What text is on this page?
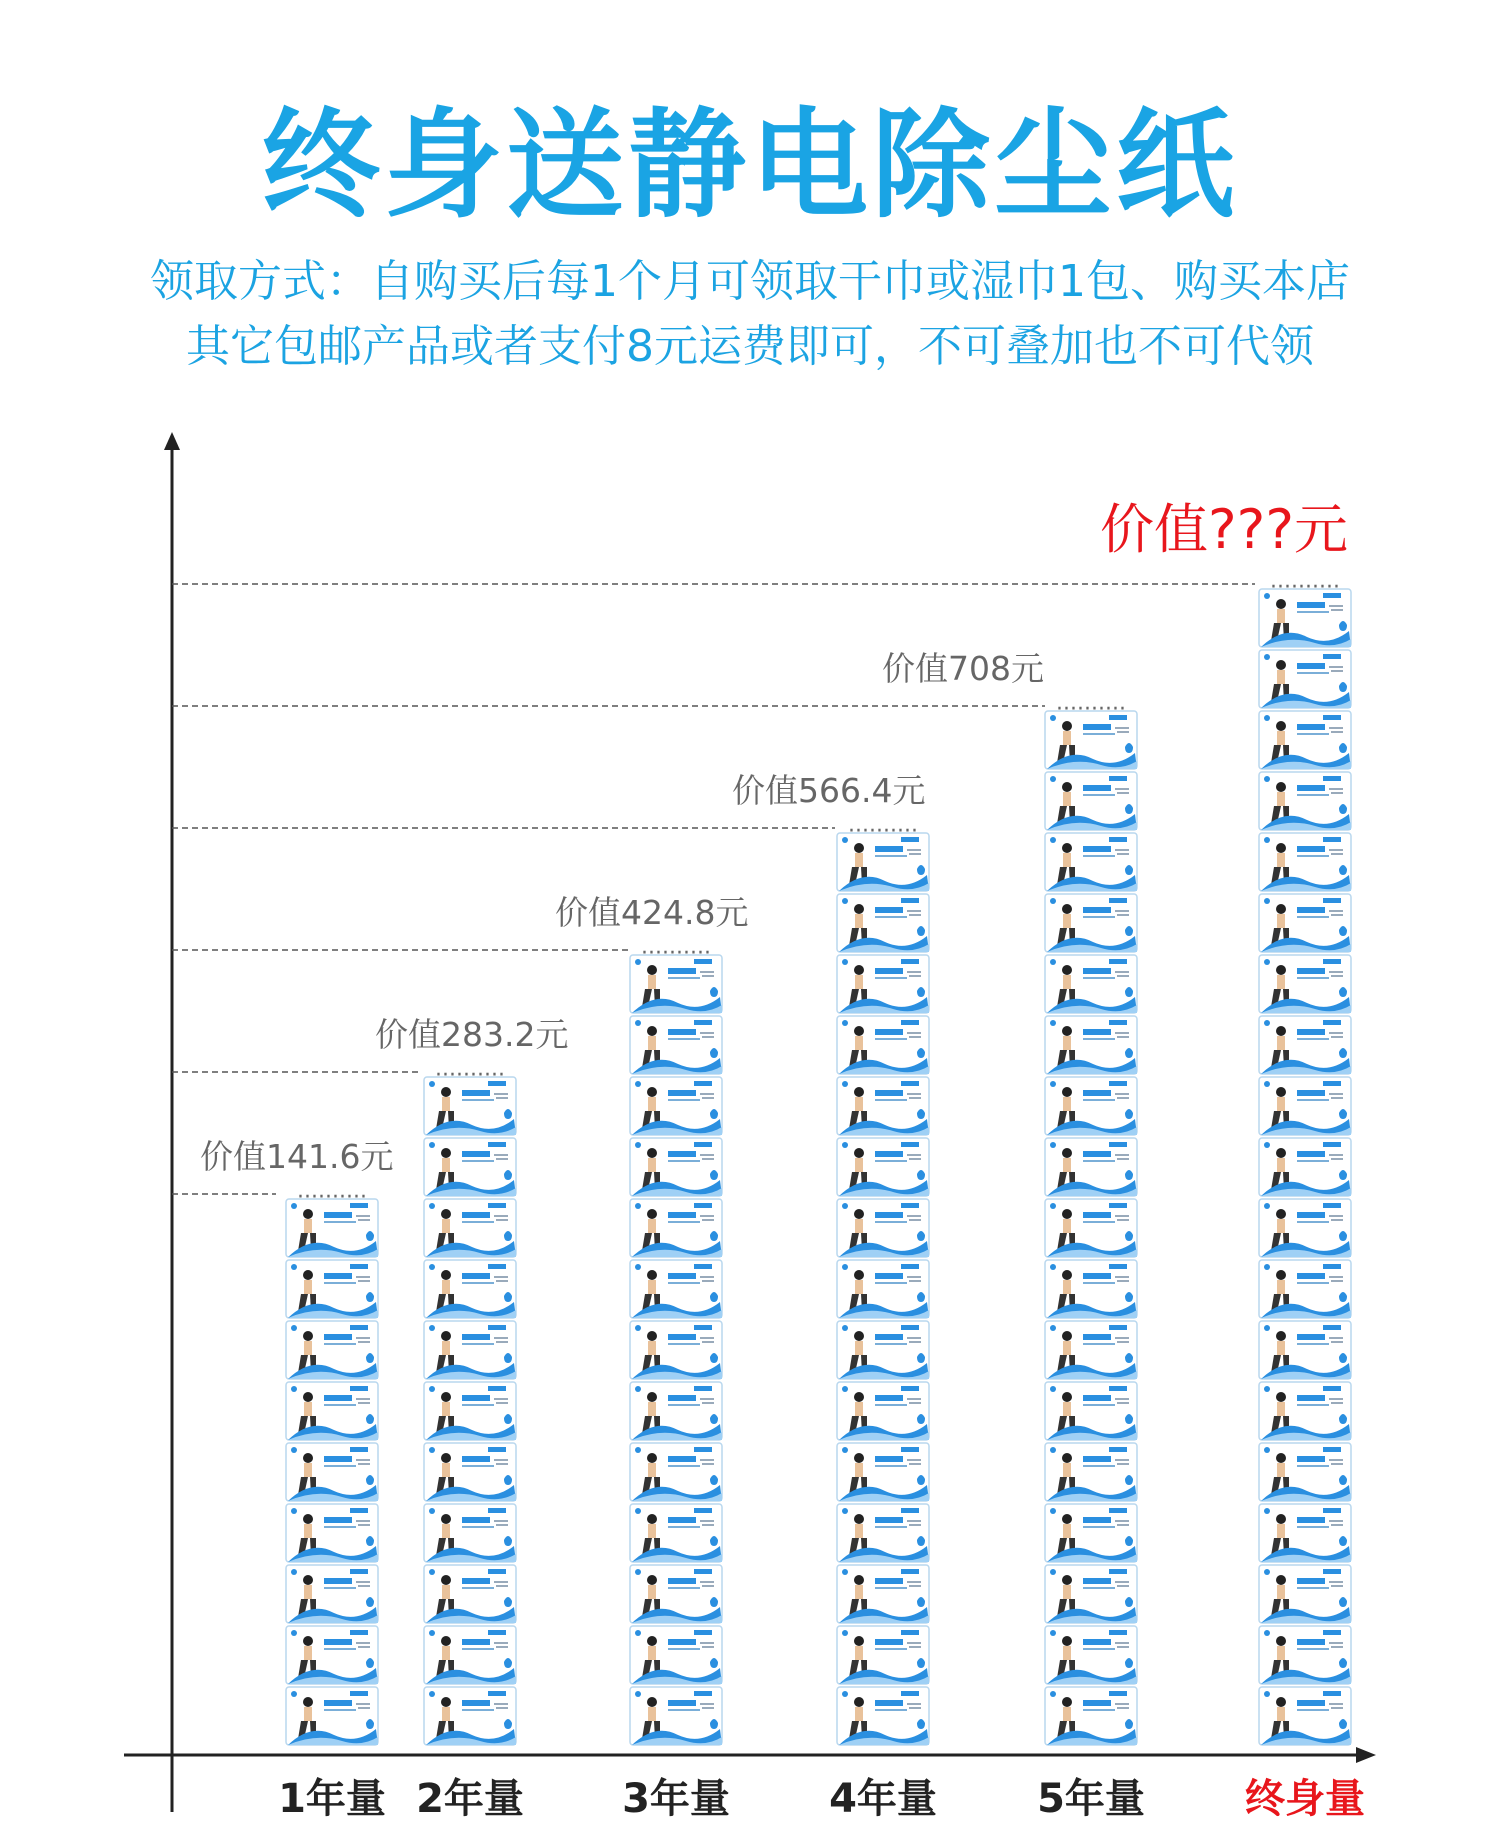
终身送静电除尘纸

领取方式：自购买后每1个月可领取干巾或湿巾1包、购买本店

其它包邮产品或者支付8元运费即可，不可叠加也不可代领

··········
价值141.6元
··········
价值283.2元
··········
价值424.8元
··········
价值566.4元
··········
价值708元
··········
价值???元
1年量 2年量 3年量 4年量	5年量	终身量
